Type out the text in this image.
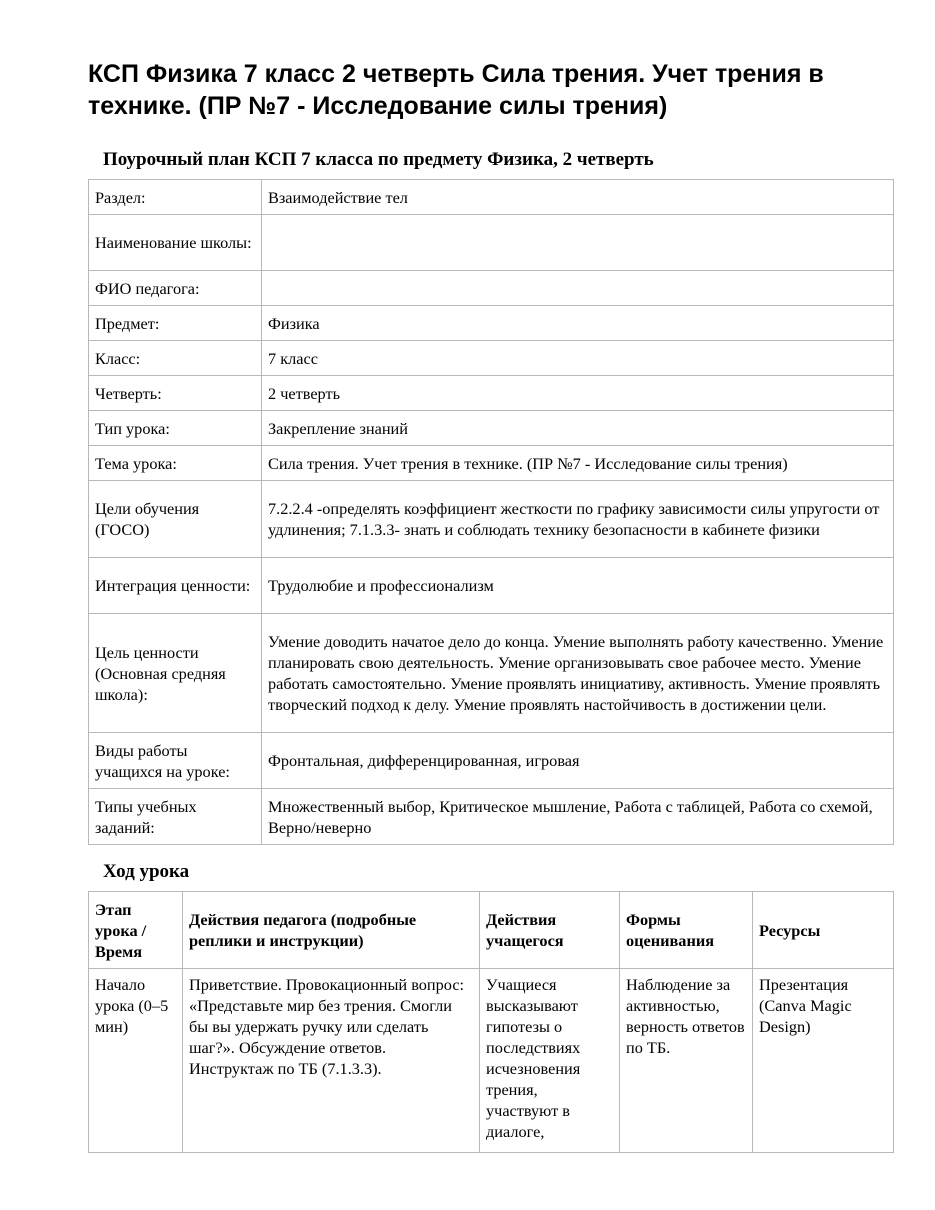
КСП Физика 7 класс 2 четверть Сила трения. Учет трения в технике. (ПР №7 - Исследование силы трения)
Поурочный план КСП 7 класса по предмету Физика, 2 четверть
Раздел:	Взаимодействие тел
Наименование школы:	
ФИО педагога:	
Предмет:	Физика
Класс:	7 класс
Четверть:	2 четверть
Тип урока:	Закрепление знаний
Тема урока:	Сила трения. Учет трения в технике. (ПР №7 - Исследование силы трения)
Цели обучения (ГОСО)	7.2.2.4 -определять коэффициент жесткости по графику зависимости силы упругости от удлинения; 7.1.3.3- знать и соблюдать технику безопасности в кабинете физики
Интеграция ценности:	Трудолюбие и профессионализм
Цель ценности (Основная средняя школа):	Умение доводить начатое дело до конца. Умение выполнять работу качественно. Умение планировать свою деятельность. Умение организовывать свое рабочее место. Умение работать самостоятельно. Умение проявлять инициативу, активность. Умение проявлять творческий подход к делу. Умение проявлять настойчивость в достижении цели.
Виды работы учащихся на уроке:	Фронтальная, дифференцированная, игровая
Типы учебных заданий:	Множественный выбор, Критическое мышление, Работа с таблицей, Работа со схемой, Верно/неверно
Ход урока
Этап урока / Время	Действия педагога (подробные реплики и инструкции)	Действия учащегося	Формы оценивания	Ресурсы
Начало урока (0–5 мин)	Приветствие. Провокационный вопрос: «Представьте мир без трения. Смогли бы вы удержать ручку или сделать шаг?». Обсуждение ответов. Инструктаж по ТБ (7.1.3.3).	Учащиеся высказывают гипотезы о последствиях исчезновения трения, участвуют в диалоге,	Наблюдение за активностью, верность ответов по ТБ.	Презентация (Canva Magic Design)
